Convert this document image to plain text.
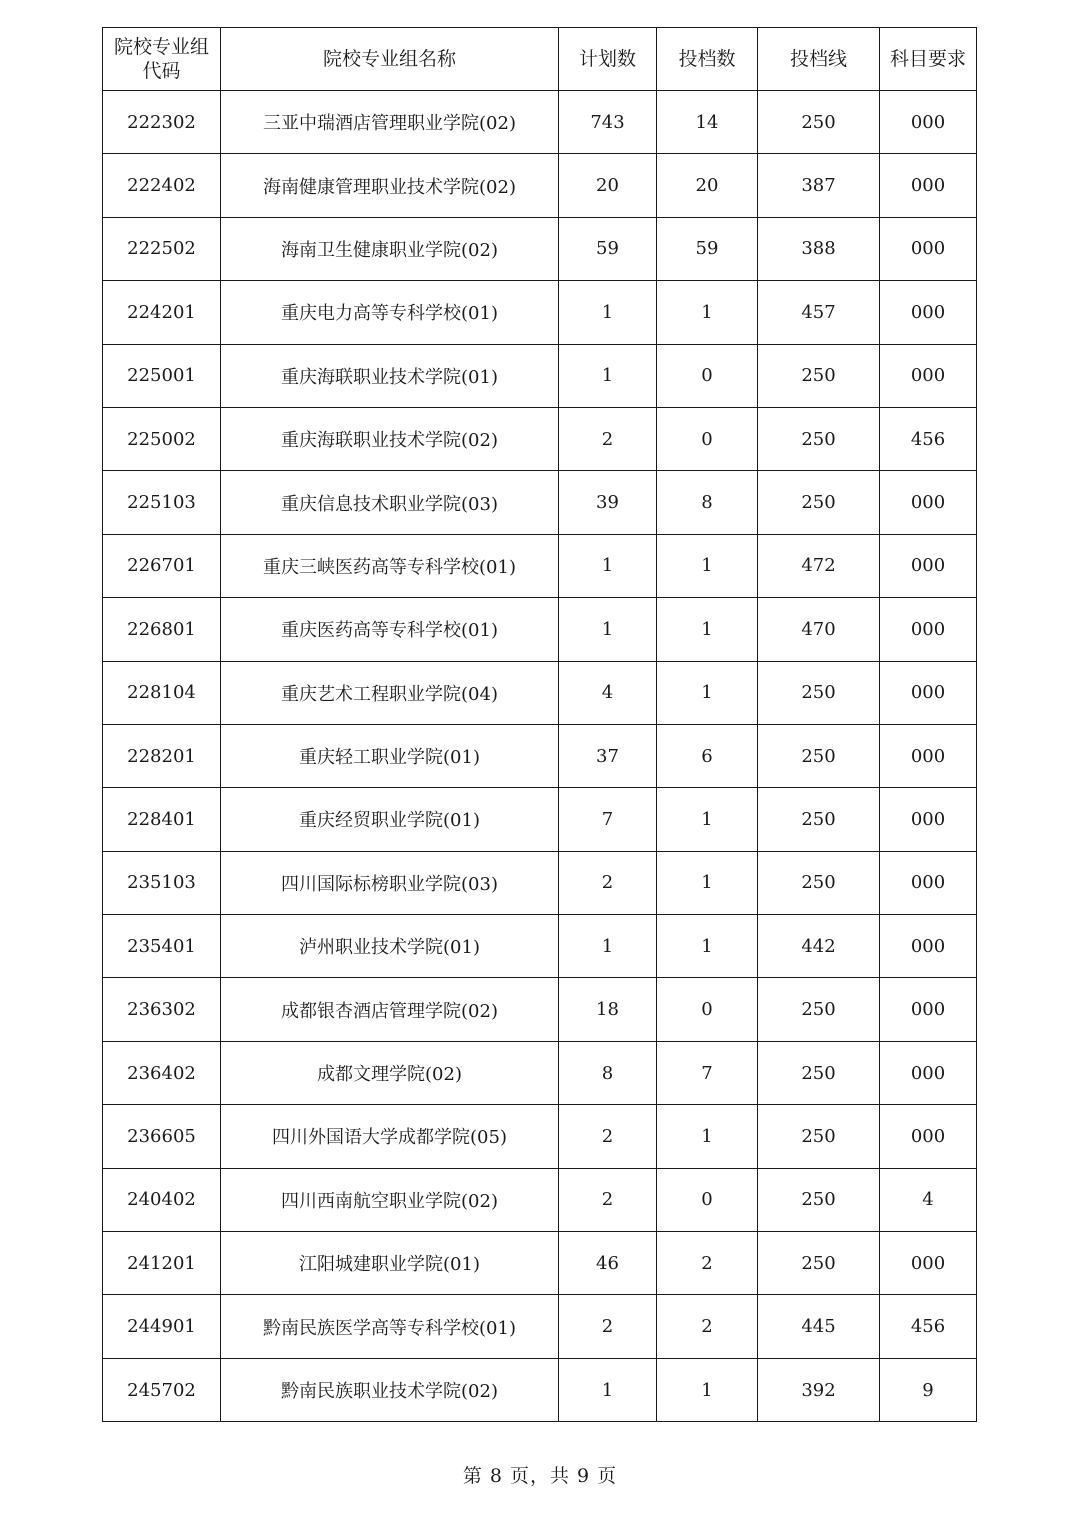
院校专业组代码	院校专业组名称	计划数	投档数	投档线	科目要求
222302	三亚中瑞酒店管理职业学院(02)	743	14	250	000
222402	海南健康管理职业技术学院(02)	20	20	387	000
222502	海南卫生健康职业学院(02)	59	59	388	000
224201	重庆电力高等专科学校(01)	1	1	457	000
225001	重庆海联职业技术学院(01)	1	0	250	000
225002	重庆海联职业技术学院(02)	2	0	250	456
225103	重庆信息技术职业学院(03)	39	8	250	000
226701	重庆三峡医药高等专科学校(01)	1	1	472	000
226801	重庆医药高等专科学校(01)	1	1	470	000
228104	重庆艺术工程职业学院(04)	4	1	250	000
228201	重庆轻工职业学院(01)	37	6	250	000
228401	重庆经贸职业学院(01)	7	1	250	000
235103	四川国际标榜职业学院(03)	2	1	250	000
235401	泸州职业技术学院(01)	1	1	442	000
236302	成都银杏酒店管理学院(02)	18	0	250	000
236402	成都文理学院(02)	8	7	250	000
236605	四川外国语大学成都学院(05)	2	1	250	000
240402	四川西南航空职业学院(02)	2	0	250	4
241201	江阳城建职业学院(01)	46	2	250	000
244901	黔南民族医学高等专科学校(01)	2	2	445	456
245702	黔南民族职业技术学院(02)	1	1	392	9
第 8 页，共 9 页
